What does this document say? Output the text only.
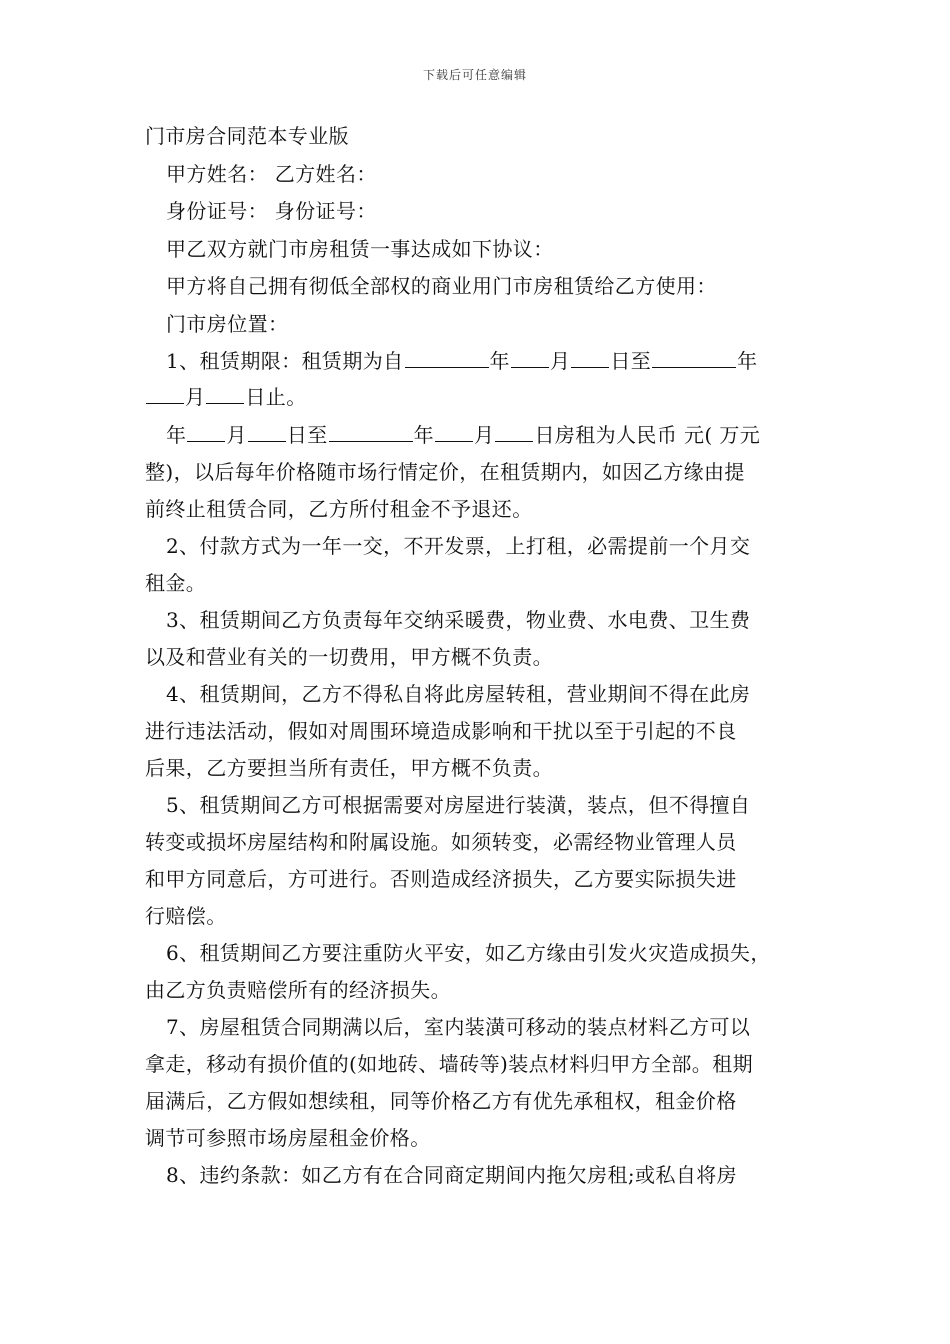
下载后可任意编辑
门市房合同范本专业版
甲方姓名： 乙方姓名：
身份证号： 身份证号：
甲乙双方就门市房租赁一事达成如下协议：
甲方将自己拥有彻低全部权的商业用门市房租赁给乙方使用：
门市房位置：
1、租赁期限：租赁期为自	年 月 日至	年
月 日止。
年 月 日至	年 月 日房租为人民币 元( 万元
整)，以后每年价格随市场行情定价，在租赁期内，如因乙方缘由提
前终止租赁合同，乙方所付租金不予退还。
2、付款方式为一年一交，不开发票，上打租，必需提前一个月交
租金。
3、租赁期间乙方负责每年交纳采暖费，物业费、水电费、卫生费
以及和营业有关的一切费用，甲方概不负责。
4、租赁期间，乙方不得私自将此房屋转租，营业期间不得在此房
进行违法活动，假如对周围环境造成影响和干扰以至于引起的不良
后果，乙方要担当所有责任，甲方概不负责。
5、租赁期间乙方可根据需要对房屋进行装潢，装点，但不得擅自
转变或损坏房屋结构和附属设施。如须转变，必需经物业管理人员
和甲方同意后，方可进行。否则造成经济损失，乙方要实际损失进
行赔偿。
6、租赁期间乙方要注重防火平安，如乙方缘由引发火灾造成损失，
由乙方负责赔偿所有的经济损失。
7、房屋租赁合同期满以后，室内装潢可移动的装点材料乙方可以
拿走，移动有损价值的(如地砖、墙砖等)装点材料归甲方全部。租期
届满后，乙方假如想续租，同等价格乙方有优先承租权，租金价格
调节可参照市场房屋租金价格。
8、违约条款：如乙方有在合同商定期间内拖欠房租;或私自将房
